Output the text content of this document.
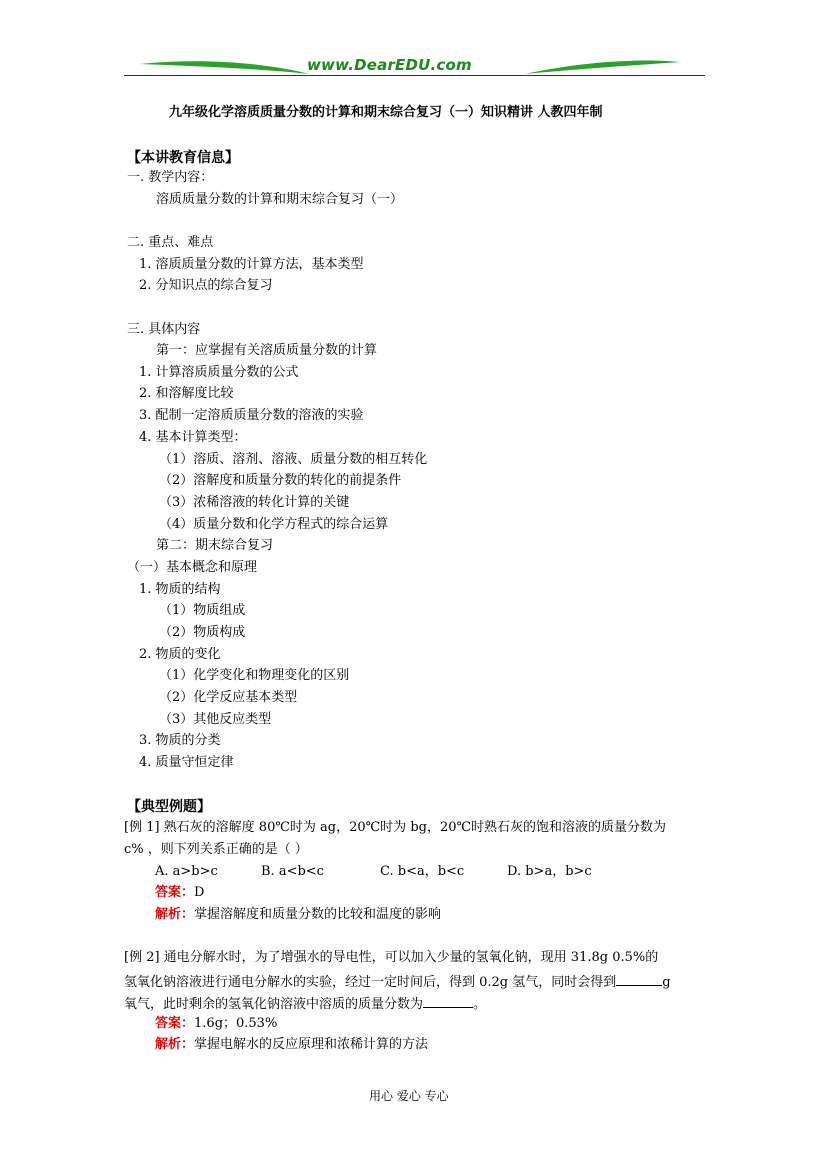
www.DearEDU.com
九年级化学溶质质量分数的计算和期末综合复习（一）知识精讲 人教四年制
【本讲教育信息】
一. 教学内容：
溶质质量分数的计算和期末综合复习（一）
二. 重点、难点
1. 溶质质量分数的计算方法，基本类型
2. 分知识点的综合复习
三. 具体内容
第一：应掌握有关溶质质量分数的计算
1. 计算溶质质量分数的公式
2. 和溶解度比较
3. 配制一定溶质质量分数的溶液的实验
4. 基本计算类型：
（1）溶质、溶剂、溶液、质量分数的相互转化
（2）溶解度和质量分数的转化的前提条件
（3）浓稀溶液的转化计算的关键
（4）质量分数和化学方程式的综合运算
第二：期末综合复习
（一）基本概念和原理
1. 物质的结构
（1）物质组成
（2）物质构成
2. 物质的变化
（1）化学变化和物理变化的区别
（2）化学反应基本类型
（3）其他反应类型
3. 物质的分类
4. 质量守恒定律
【典型例题】
[例 1] 熟石灰的溶解度 80℃时为 ag，20℃时为 bg，20℃时熟石灰的饱和溶液的质量分数为
c% ，则下列关系正确的是（ ）
A. a>b>c	B. a<b<c	C. b<a，b<c	D. b>a，b>c
答案：D
解析：掌握溶解度和质量分数的比较和温度的影响
[例 2] 通电分解水时，为了增强水的导电性，可以加入少量的氢氧化钠，现用 31.8g 0.5%的
氢氧化钠溶液进行通电分解水的实验，经过一定时间后，得到 0.2g 氢气，同时会得到	g
氧气，此时剩余的氢氧化钠溶液中溶质的质量分数为	。
答案：1.6g；0.53%
解析：掌握电解水的反应原理和浓稀计算的方法
用心 爱心 专心
